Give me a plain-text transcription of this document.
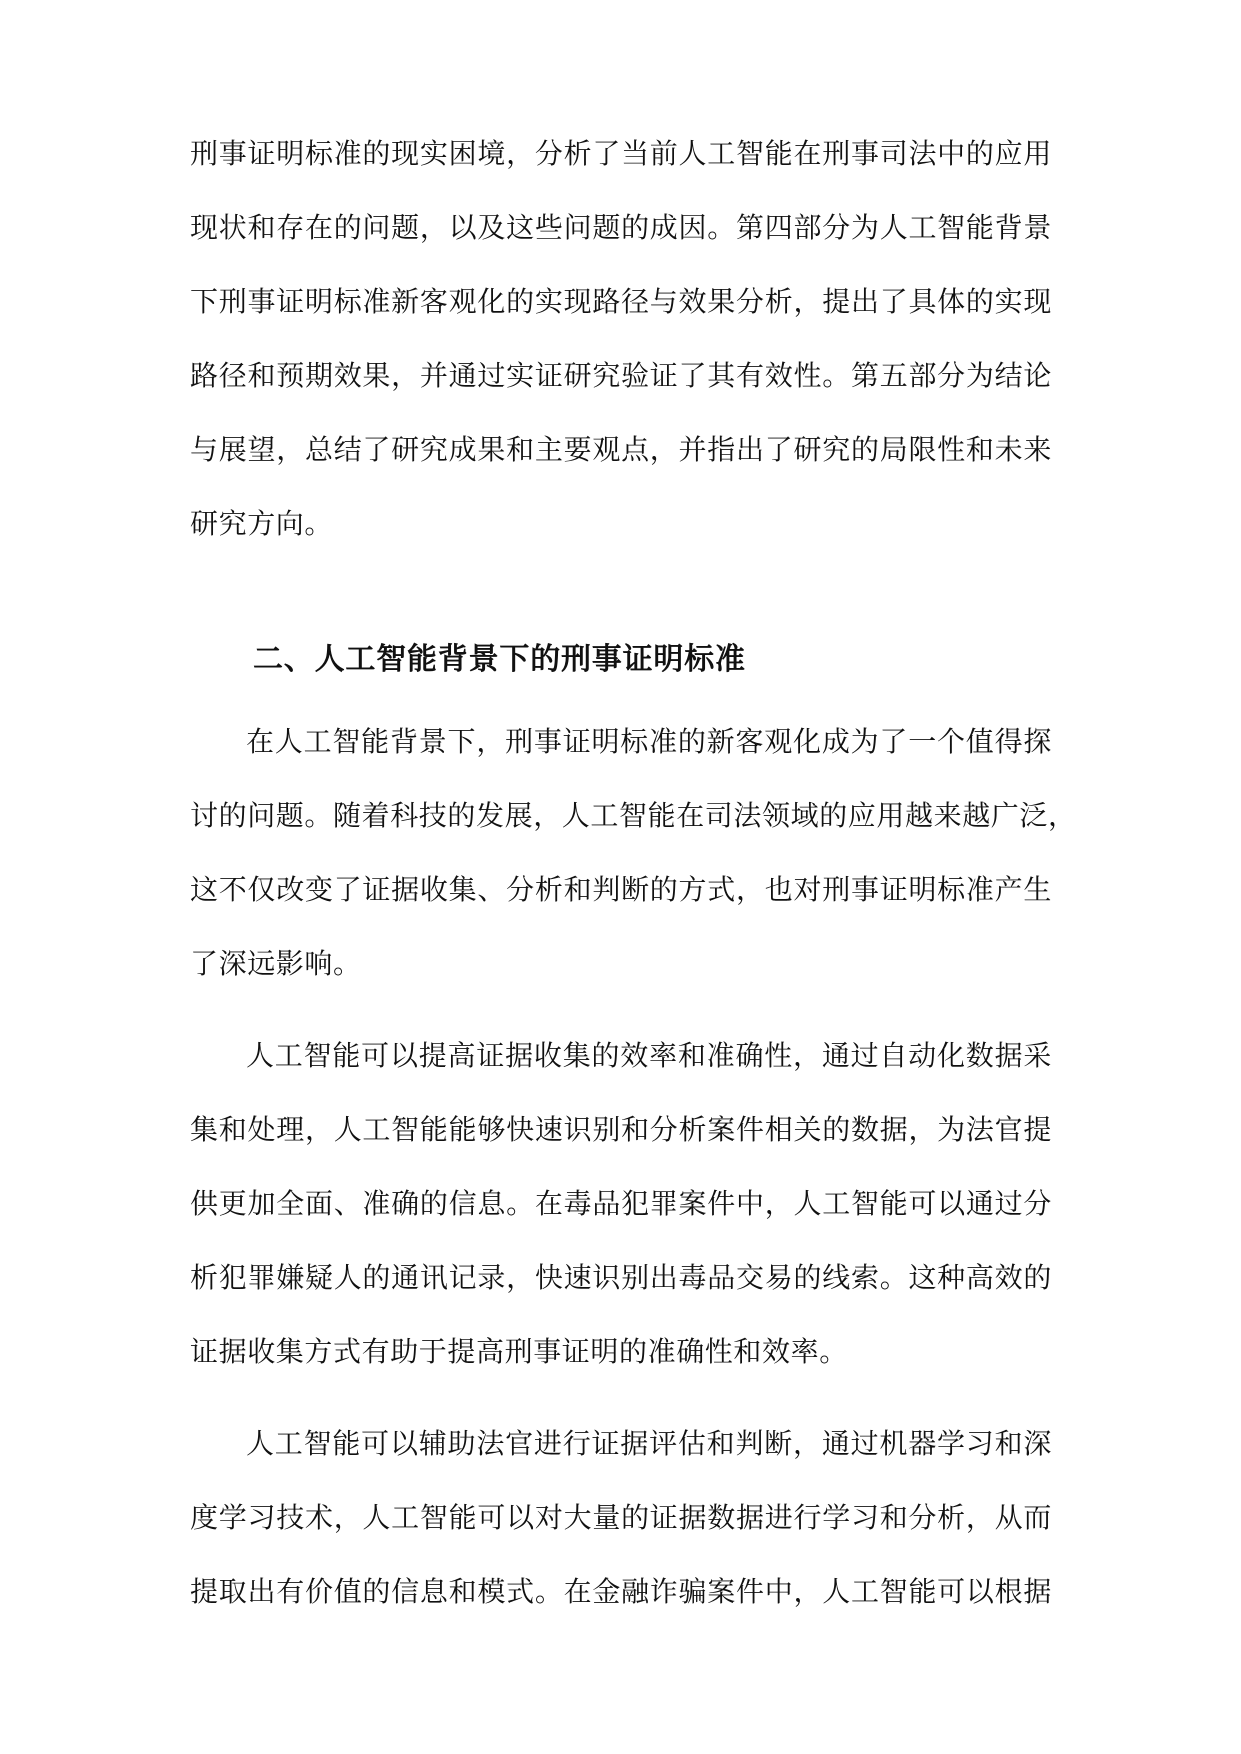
刑事证明标准的现实困境，分析了当前人工智能在刑事司法中的应用
现状和存在的问题，以及这些问题的成因。第四部分为人工智能背景
下刑事证明标准新客观化的实现路径与效果分析，提出了具体的实现
路径和预期效果，并通过实证研究验证了其有效性。第五部分为结论
与展望，总结了研究成果和主要观点，并指出了研究的局限性和未来
研究方向。
二、人工智能背景下的刑事证明标准
在人工智能背景下，刑事证明标准的新客观化成为了一个值得探
讨的问题。随着科技的发展，人工智能在司法领域的应用越来越广泛，
这不仅改变了证据收集、分析和判断的方式，也对刑事证明标准产生
了深远影响。
人工智能可以提高证据收集的效率和准确性，通过自动化数据采
集和处理，人工智能能够快速识别和分析案件相关的数据，为法官提
供更加全面、准确的信息。在毒品犯罪案件中，人工智能可以通过分
析犯罪嫌疑人的通讯记录，快速识别出毒品交易的线索。这种高效的
证据收集方式有助于提高刑事证明的准确性和效率。
人工智能可以辅助法官进行证据评估和判断，通过机器学习和深
度学习技术，人工智能可以对大量的证据数据进行学习和分析，从而
提取出有价值的信息和模式。在金融诈骗案件中，人工智能可以根据
